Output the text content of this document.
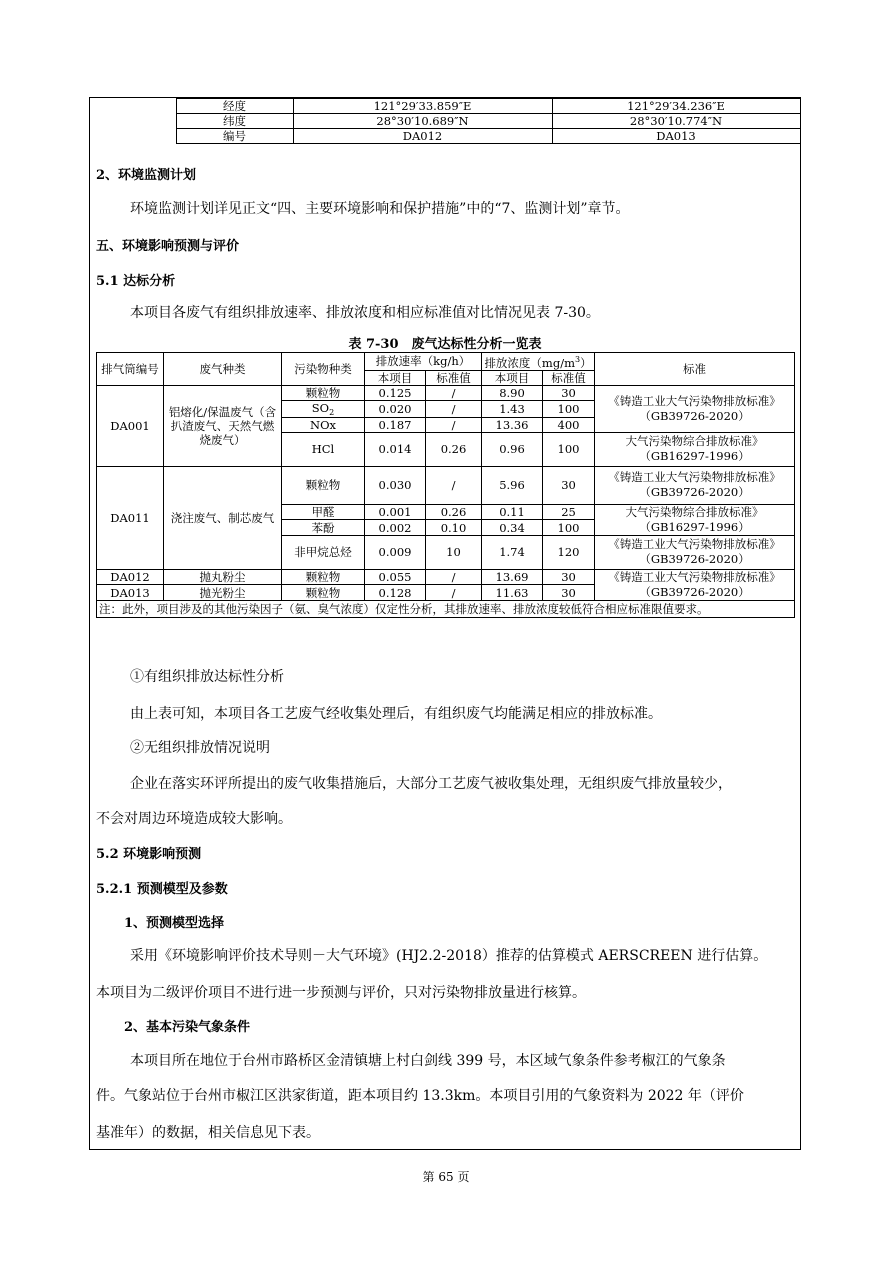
	经度	121°29′33.859″E	121°29′34.236″E
	纬度	28°30′10.689″N	28°30′10.774″N
	编号	DA012	DA013
2、环境监测计划
环境监测计划详见正文“四、主要环境影响和保护措施”中的“7、监测计划”章节。
五、环境影响预测与评价
5.1 达标分析
本项目各废气有组织排放速率、排放浓度和相应标准值对比情况见表 7-30。
表 7-30　废气达标性分析一览表
排气筒编号	废气种类	污染物种类	排放速率（kg/h）		排放浓度$(mg/m^3)$		标准
			本项目	标准值	本项目	标准值	
DA001	铝熔化/保温废气（含扒渣废气、天然气燃烧废气）	颗粒物	0.125	/	8.90	30	《铸造工业大气污染物排放标准》（GB39726-2020）
		$SO_2$	0.020	/	1.43	100	
		NOx	0.187	/	13.36	400	
		HCl	0.014	0.26	0.96	100	大气污染物综合排放标准》（GB16297-1996）
DA011	浇注废气、制芯废气	颗粒物	0.030	/	5.96	30	《铸造工业大气污染物排放标准》（GB39726-2020）
		甲醛	0.001	0.26	0.11	25	大气污染物综合排放标准》（GB16297-1996）
		苯酚	0.002	0.10	0.34	100	
		非甲烷总烃	0.009	10	1.74	120	《铸造工业大气污染物排放标准》（GB39726-2020）
DA012	抛丸粉尘	颗粒物	0.055	/	13.69	30	《铸造工业大气污染物排放标准》（GB39726-2020）
DA013	抛光粉尘	颗粒物	0.128	/	11.63	30	
注：此外，项目涉及的其他污染因子（氨、臭气浓度）仅定性分析，其排放速率、排放浓度较低符合相应标准限值要求。							
①有组织排放达标性分析
由上表可知，本项目各工艺废气经收集处理后，有组织废气均能满足相应的排放标准。
②无组织排放情况说明
企业在落实环评所提出的废气收集措施后，大部分工艺废气被收集处理，无组织废气排放量较少，
不会对周边环境造成较大影响。
5.2 环境影响预测
5.2.1 预测模型及参数
1、预测模型选择
采用《环境影响评价技术导则－大气环境》(HJ2.2-2018）推荐的估算模式 AERSCREEN 进行估算。
本项目为二级评价项目不进行进一步预测与评价，只对污染物排放量进行核算。
2、基本污染气象条件
本项目所在地位于台州市路桥区金清镇塘上村白剑线 399 号，本区域气象条件参考椒江的气象条
件。气象站位于台州市椒江区洪家街道，距本项目约 13.3km。本项目引用的气象资料为 2022 年（评价
基准年）的数据，相关信息见下表。
第 65 页
